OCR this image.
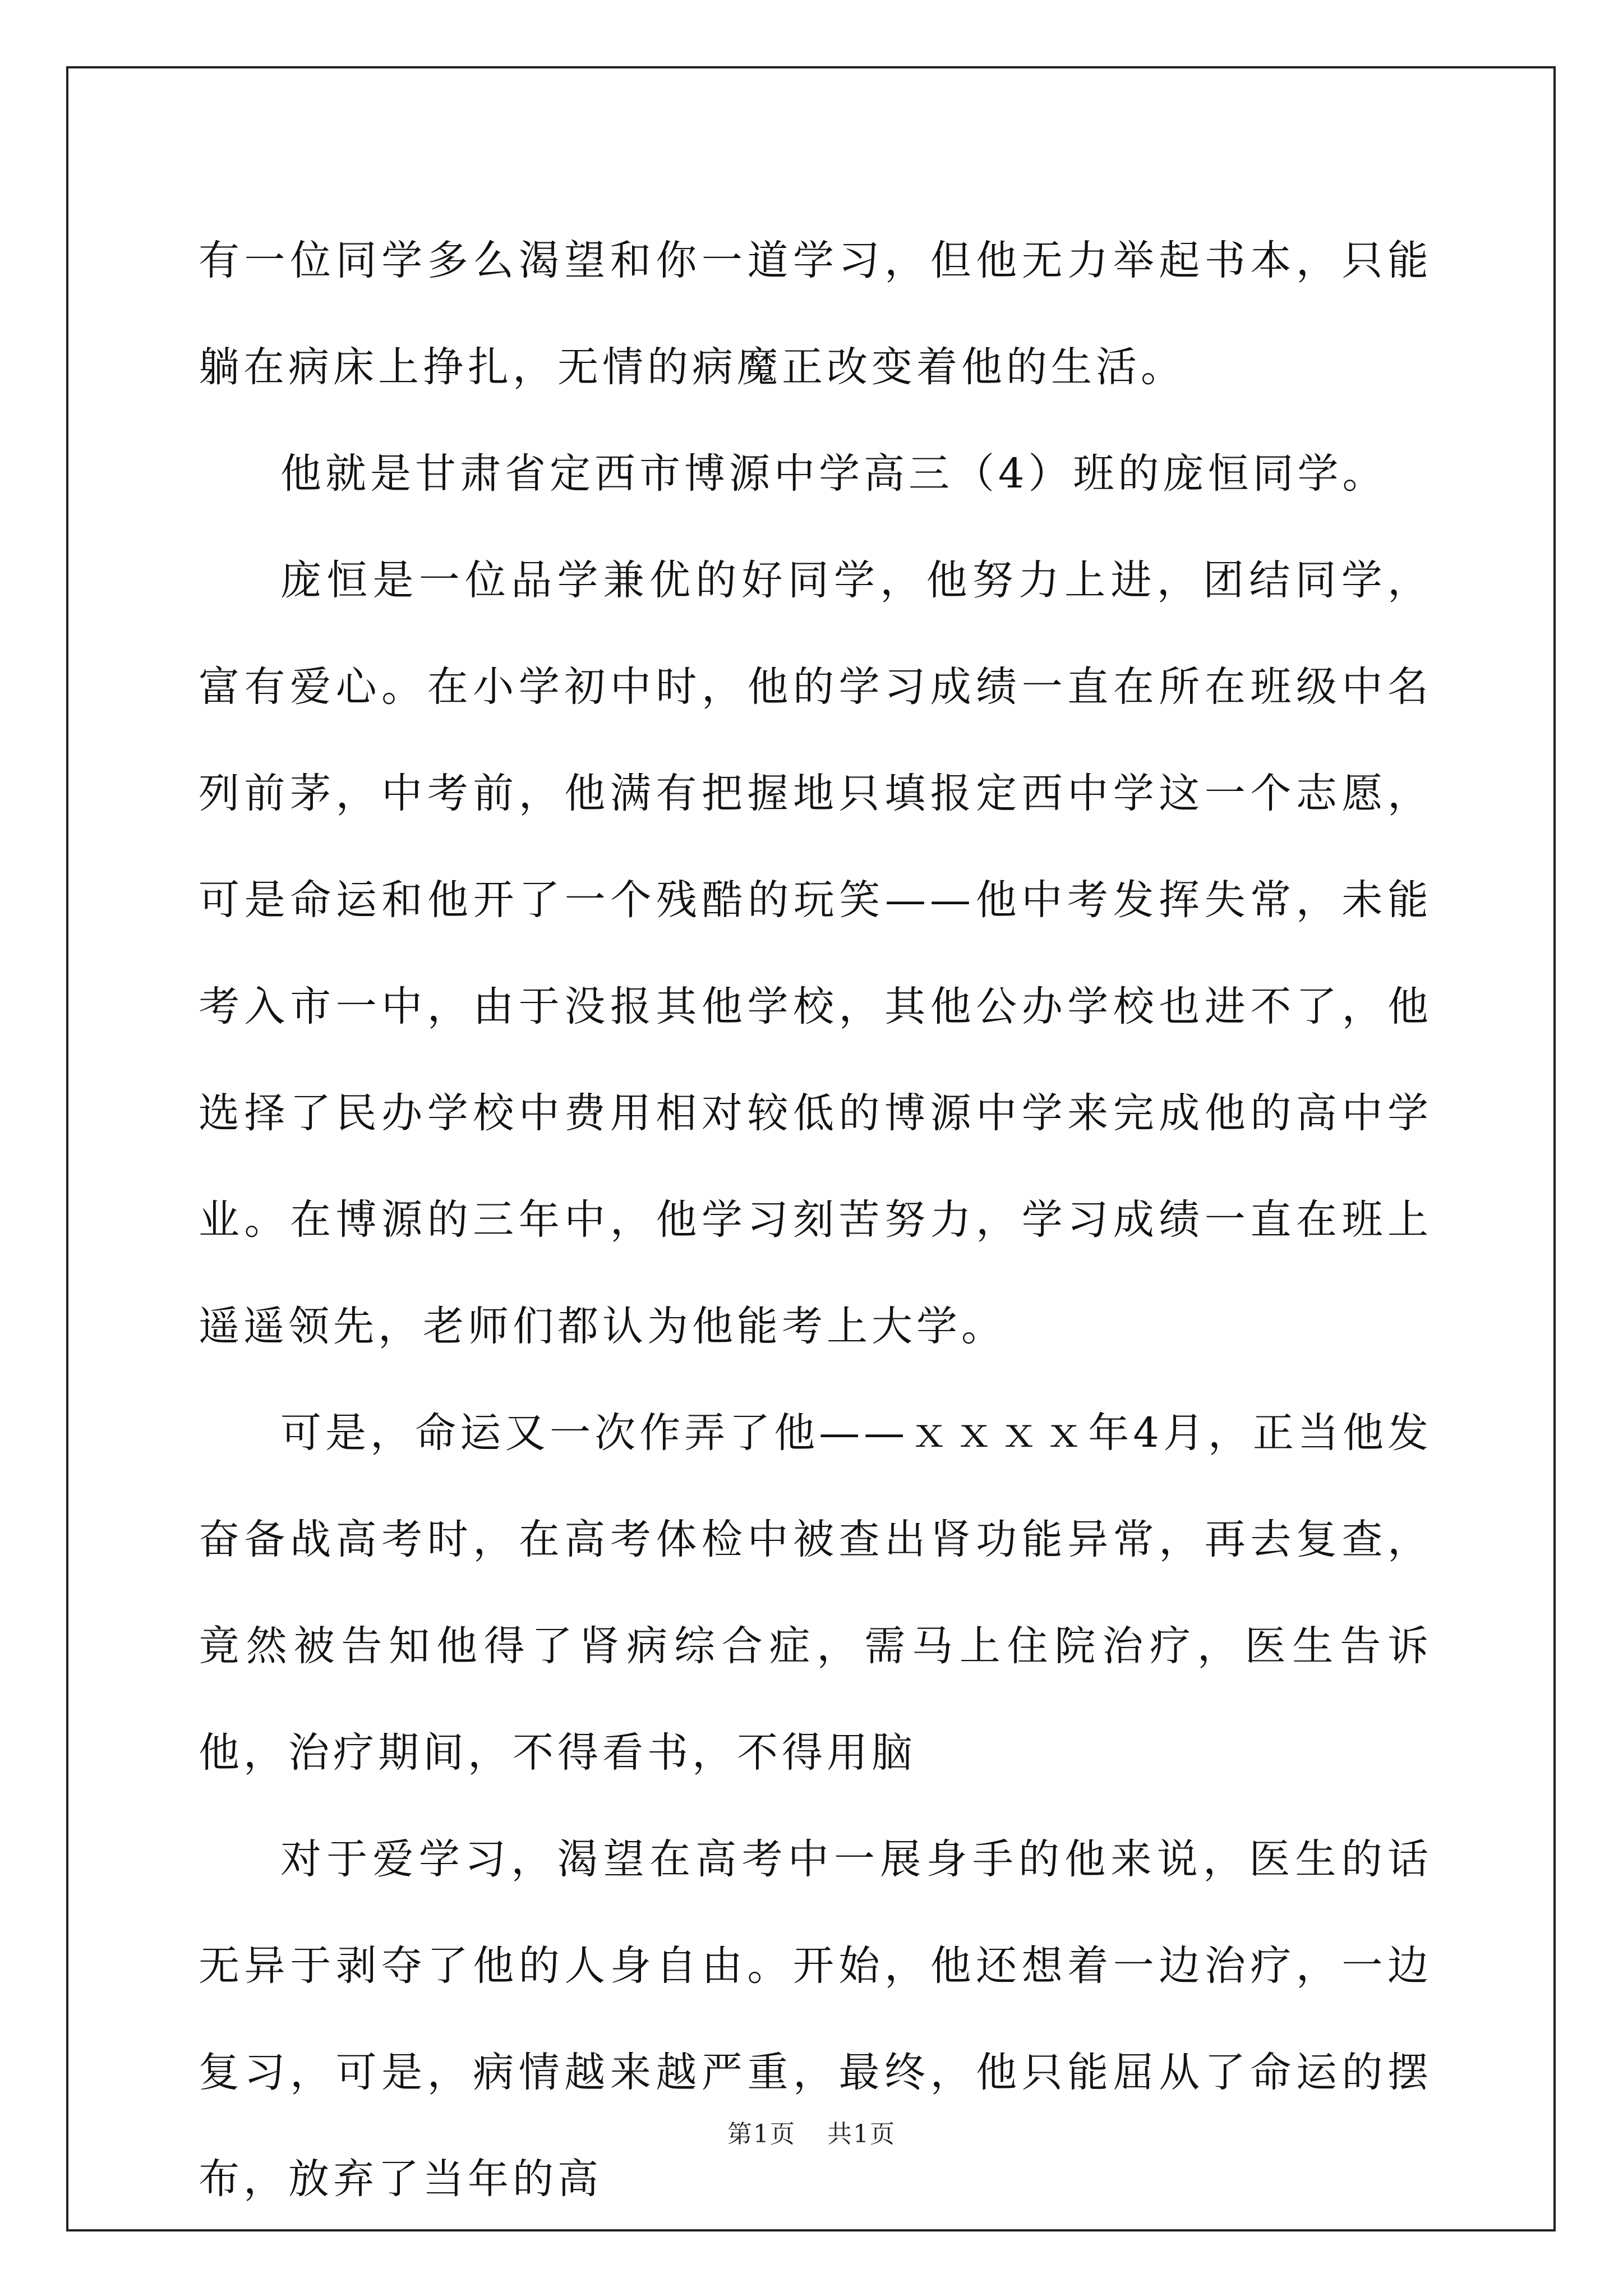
有一位同学多么渴望和你一道学习，但他无力举起书本，只能躺在病床上挣扎，无情的病魔正改变着他的生活。

他就是甘肃省定西市博源中学高三（4）班的庞恒同学。

庞恒是一位品学兼优的好同学，他努力上进，团结同学，富有爱心。在小学初中时，他的学习成绩一直在所在班级中名列前茅，中考前，他满有把握地只填报定西中学这一个志愿，可是命运和他开了一个残酷的玩笑——他中考发挥失常，未能考入市一中，由于没报其他学校，其他公办学校也进不了，他选择了民办学校中费用相对较低的博源中学来完成他的高中学业。在博源的三年中，他学习刻苦努力，学习成绩一直在班上遥遥领先，老师们都认为他能考上大学。

可是，命运又一次作弄了他——ｘｘｘｘ年4月，正当他发奋备战高考时，在高考体检中被查出肾功能异常，再去复查，竟然被告知他得了肾病综合症，需马上住院治疗，医生告诉他，治疗期间，不得看书，不得用脑

对于爱学习，渴望在高考中一展身手的他来说，医生的话无异于剥夺了他的人身自由。开始，他还想着一边治疗，一边复习，可是，病情越来越严重，最终，他只能屈从了命运的摆布，放弃了当年的高

第1页 共1页
